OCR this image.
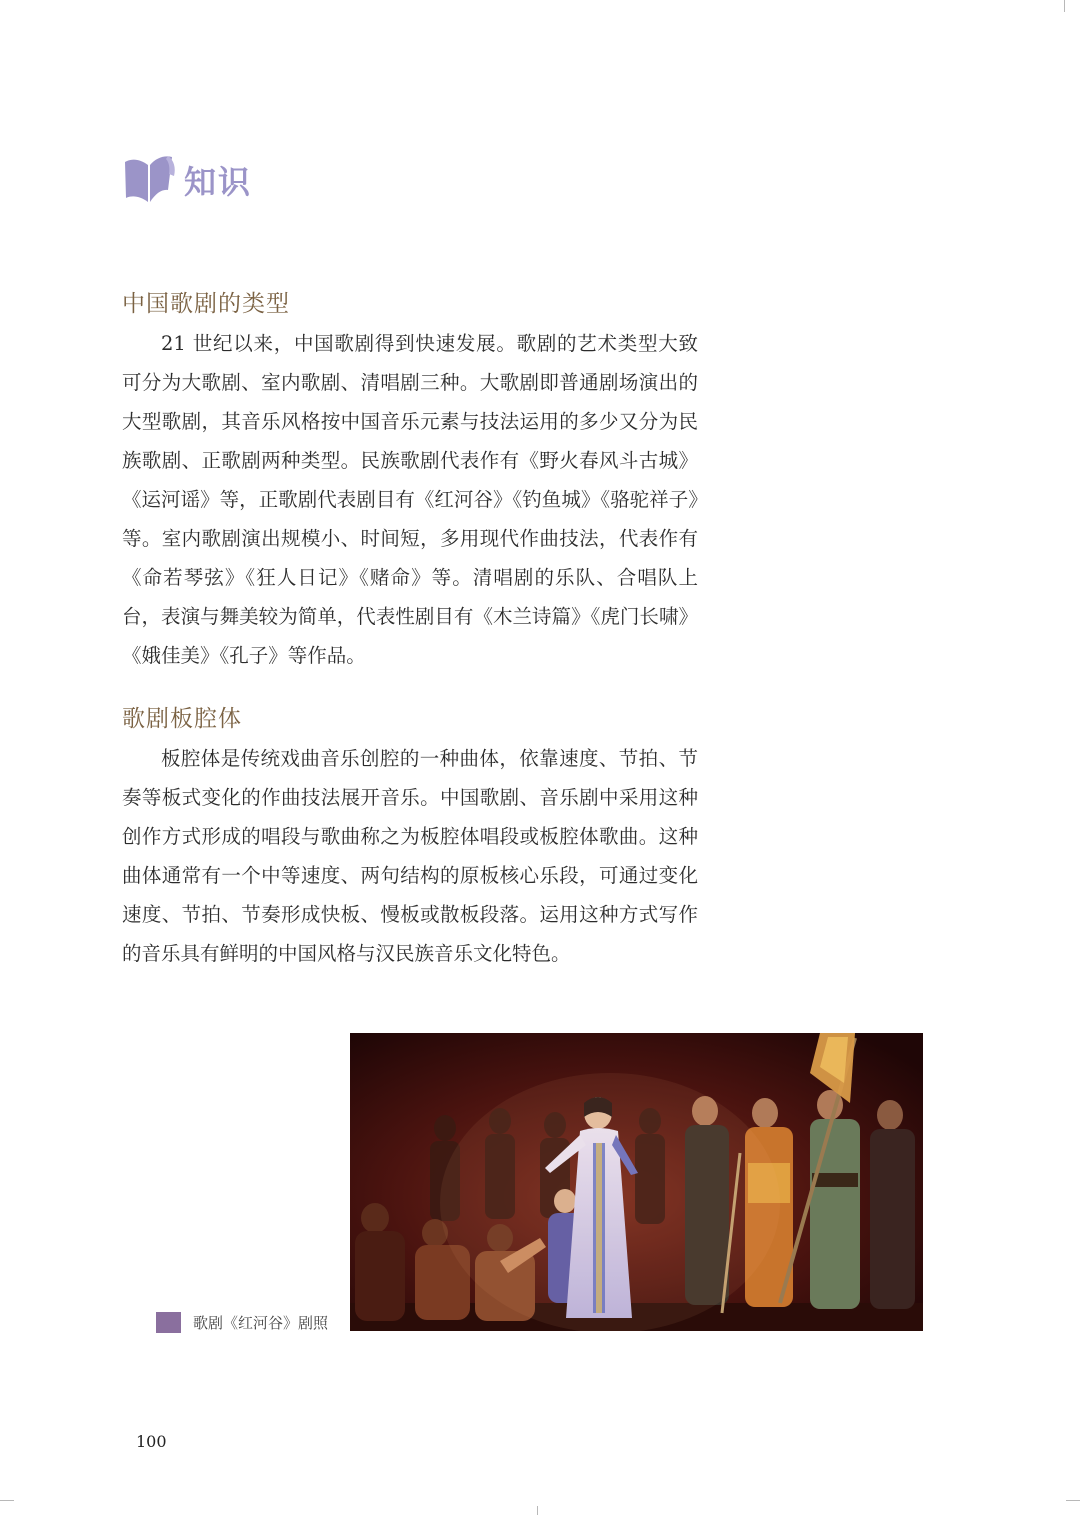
知识
中国歌剧的类型

21 世纪以来，中国歌剧得到快速发展。歌剧的艺术类型大致可分为大歌剧、室内歌剧、清唱剧三种。大歌剧即普通剧场演出的大型歌剧，其音乐风格按中国音乐元素与技法运用的多少又分为民族歌剧、正歌剧两种类型。民族歌剧代表作有《野火春风斗古城》《运河谣》等，正歌剧代表剧目有《红河谷》《钓鱼城》《骆驼祥子》等。室内歌剧演出规模小、时间短，多用现代作曲技法，代表作有《命若琴弦》《狂人日记》《赌命》等。清唱剧的乐队、合唱队上台，表演与舞美较为简单，代表性剧目有《木兰诗篇》《虎门长啸》《娥佳美》《孔子》等作品。

歌剧板腔体

板腔体是传统戏曲音乐创腔的一种曲体，依靠速度、节拍、节奏等板式变化的作曲技法展开音乐。中国歌剧、音乐剧中采用这种创作方式形成的唱段与歌曲称之为板腔体唱段或板腔体歌曲。这种曲体通常有一个中等速度、两句结构的原板核心乐段，可通过变化速度、节拍、节奏形成快板、慢板或散板段落。运用这种方式写作的音乐具有鲜明的中国风格与汉民族音乐文化特色。

歌剧《红河谷》剧照
100
